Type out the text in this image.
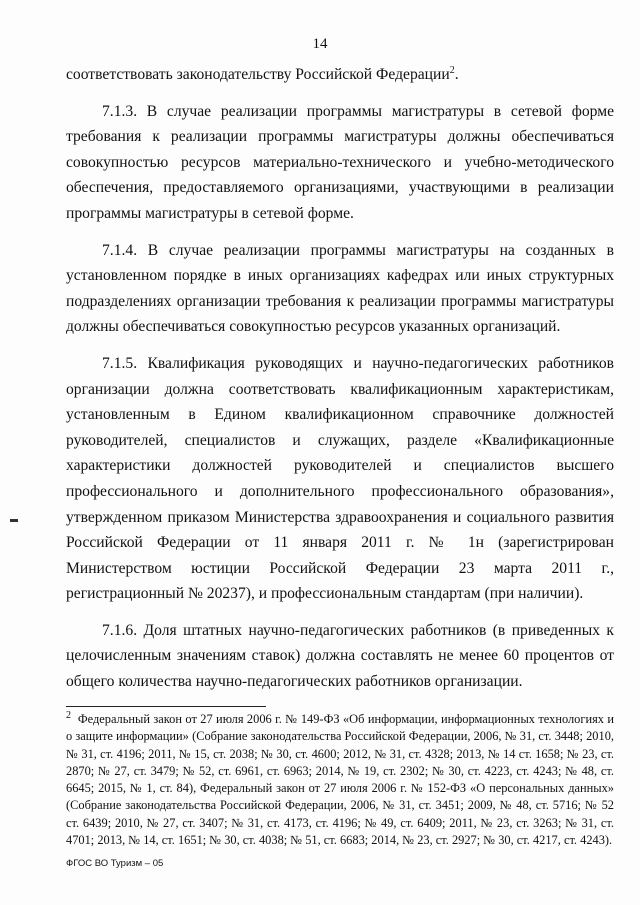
14

соответствовать законодательству Российской Федерации$^2$.

7.1.3. В случае реализации программы магистратуры в сетевой форме требования к реализации программы магистратуры должны обеспечиваться совокупностью ресурсов материально-технического и учебно-методического обеспечения, предоставляемого организациями, участвующими в реализации программы магистратуры в сетевой форме.

7.1.4. В случае реализации программы магистратуры на созданных в установленном порядке в иных организациях кафедрах или иных структурных подразделениях организации требования к реализации программы магистратуры должны обеспечиваться совокупностью ресурсов указанных организаций.

7.1.5. Квалификация руководящих и научно-педагогических работников организации должна соответствовать квалификационным характеристикам, установленным в Едином квалификационном справочнике должностей руководителей, специалистов и служащих, разделе «Квалификационные характеристики должностей руководителей и специалистов высшего профессионального и дополнительного профессионального образования», утвержденном приказом Министерства здравоохранения и социального развития Российской Федерации от 11 января 2011 г. № 1н (зарегистрирован Министерством юстиции Российской Федерации 23 марта 2011 г., регистрационный № 20237), и профессиональным стандартам (при наличии).

7.1.6. Доля штатных научно-педагогических работников (в приведенных к целочисленным значениям ставок) должна составлять не менее 60 процентов от общего количества научно-педагогических работников организации.

$^2$ Федеральный закон от 27 июля 2006 г. № 149-ФЗ «Об информации, информационных технологиях и о защите информации» (Собрание законодательства Российской Федерации, 2006, № 31, ст. 3448; 2010, № 31, ст. 4196; 2011, № 15, ст. 2038; № 30, ст. 4600; 2012, № 31, ст. 4328; 2013, № 14 ст. 1658; № 23, ст. 2870; № 27, ст. 3479; № 52, ст. 6961, ст. 6963; 2014, № 19, ст. 2302; № 30, ст. 4223, ст. 4243; № 48, ст. 6645; 2015, № 1, ст. 84), Федеральный закон от 27 июля 2006 г. № 152-ФЗ «О персональных данных» (Собрание законодательства Российской Федерации, 2006, № 31, ст. 3451; 2009, № 48, ст. 5716; № 52 ст. 6439; 2010, № 27, ст. 3407; № 31, ст. 4173, ст. 4196; № 49, ст. 6409; 2011, № 23, ст. 3263; № 31, ст. 4701; 2013, № 14, ст. 1651; № 30, ст. 4038; № 51, ст. 6683; 2014, № 23, ст. 2927; № 30, ст. 4217, ст. 4243).
ФГОС ВО Туризм – 05
